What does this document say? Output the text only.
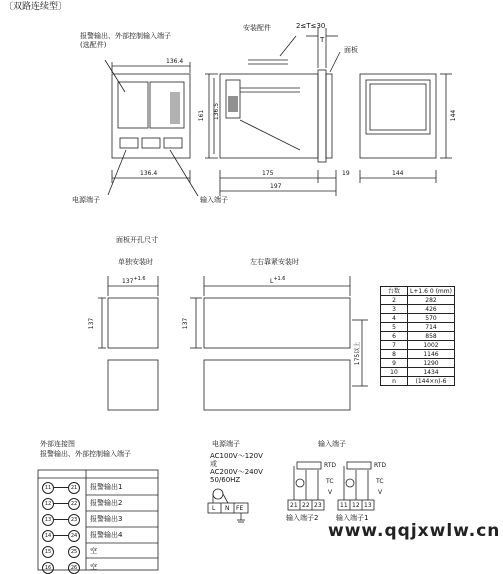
〔双路连续型〕
报警输出、外部控制输入端子
(选配件)
安装配件	2≤T≤30
T
面板
136.4
136.5
161	144
136.4	175
197
19	144
电源端子	输入端子
面板开孔尺寸
单独安装时	左右靠紧安装时
$137^{+1.6}$
137	137
$L^{+1.6}$
175以上
台数	L+1.6 0 (mm)
2	282
3	426
4	570
5	714
6	858
7	1002
8	1146
9	1290
10	1434
n	(144×n)-6
外部连接图
报警输出、外部控制输入端子
11	21	报警输出1
12	22	报警输出2
13	23	报警输出3
14	24	报警输出4
15	25	空
16	26	空
电源端子
AC100V～120V
或
AC200V～240V
50/60HZ
L N FE
输入端子
RTD	RTD
TC	TC
V	V
21 22 23	11 12 13
输入端子2	输入端子1
www.qqjxwlw.cn
